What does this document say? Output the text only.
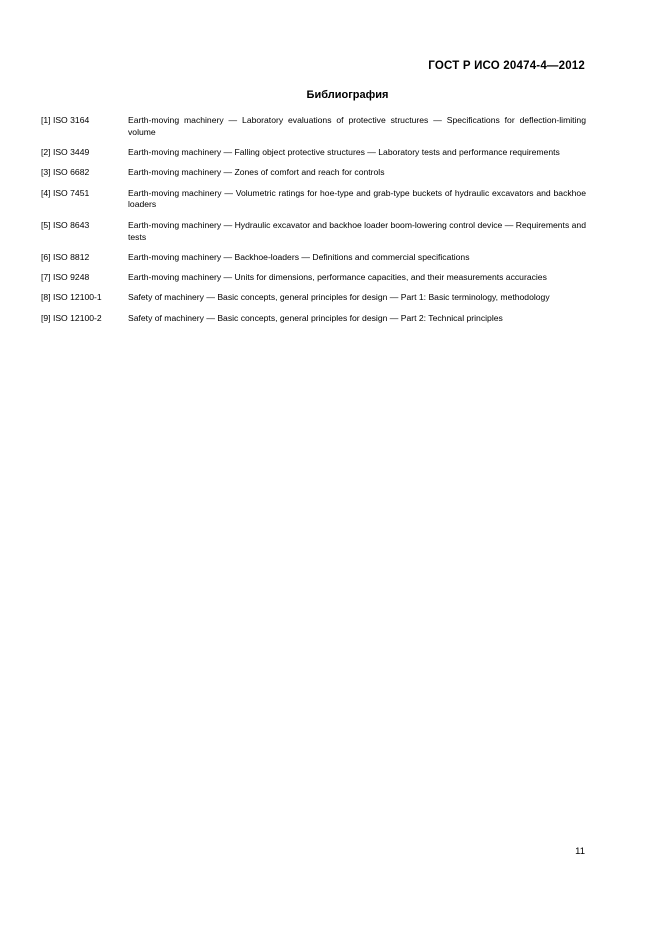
ГОСТ Р ИСО 20474-4—2012
Библиография
[1] ISO 3164	Earth-moving machinery — Laboratory evaluations of protective structures — Specifications for deflection-limiting volume
[2] ISO 3449	Earth-moving machinery — Falling object protective structures — Laboratory tests and performance requirements
[3] ISO 6682	Earth-moving machinery — Zones of comfort and reach for controls
[4] ISO 7451	Earth-moving machinery — Volumetric ratings for hoe-type and grab-type buckets of hydraulic excavators and backhoe loaders
[5] ISO 8643	Earth-moving machinery — Hydraulic excavator and backhoe loader boom-lowering control device — Requirements and tests
[6] ISO 8812	Earth-moving machinery — Backhoe-loaders — Definitions and commercial specifications
[7] ISO 9248	Earth-moving machinery — Units for dimensions, performance capacities, and their measurements accuracies
[8] ISO 12100-1	Safety of machinery — Basic concepts, general principles for design — Part 1: Basic terminology, methodology
[9] ISO 12100-2	Safety of machinery — Basic concepts, general principles for design — Part 2: Technical principles
11
